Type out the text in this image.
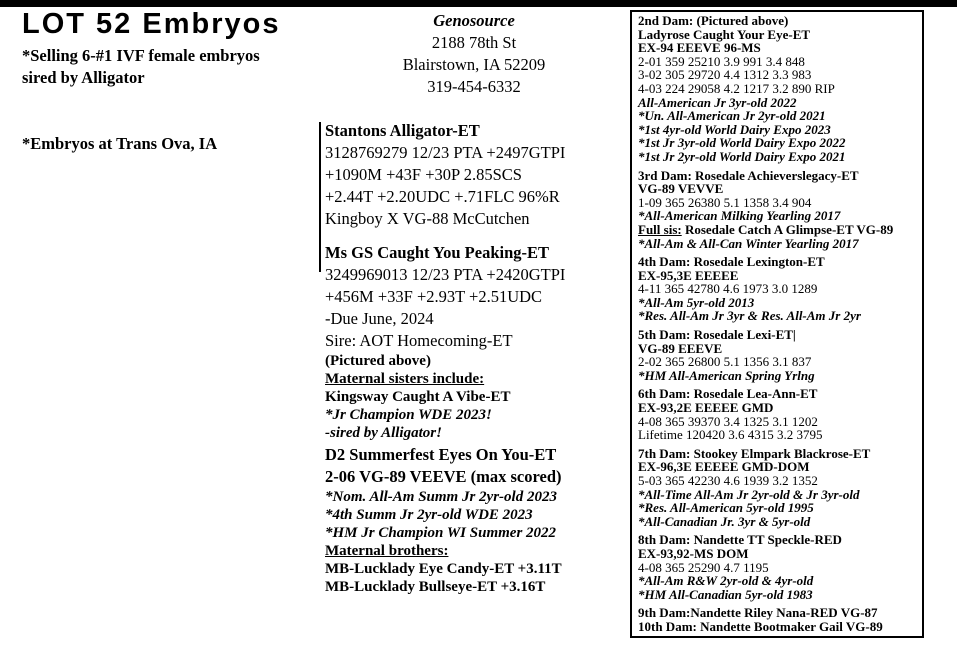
LOT 52 Embryos
*Selling 6-#1 IVF female embryos
sired by Alligator
*Embryos at Trans Ova, IA
Genosource
2188 78th St
Blairstown, IA 52209
319-454-6332
Stantons Alligator-ET
3128769279 12/23 PTA +2497GTPI
+1090M +43F +30P 2.85SCS
+2.44T +2.20UDC +.71FLC 96%R
Kingboy X VG-88 McCutchen
Ms GS Caught You Peaking-ET
3249969013 12/23 PTA +2420GTPI
+456M +33F +2.93T +2.51UDC
-Due June, 2024
Sire: AOT Homecoming-ET
(Pictured above)
Maternal sisters include:
Kingsway Caught A Vibe-ET
*Jr Champion WDE 2023!
-sired by Alligator!
D2 Summerfest Eyes On You-ET
2-06 VG-89 VEEVE (max scored)
*Nom. All-Am Summ Jr 2yr-old 2023
*4th Summ Jr 2yr-old WDE 2023
*HM Jr Champion WI Summer 2022
Maternal brothers:
MB-Lucklady Eye Candy-ET +3.11T
MB-Lucklady Bullseye-ET +3.16T
2nd Dam: (Pictured above)
Ladyrose Caught Your Eye-ET
EX-94 EEEVE 96-MS
2-01 359 25210 3.9 991 3.4 848
3-02 305 29720 4.4 1312 3.3 983
4-03 224 29058 4.2 1217 3.2 890 RIP
All-American Jr 3yr-old 2022
*Un. All-American Jr 2yr-old 2021
*1st 4yr-old World Dairy Expo 2023
*1st Jr 3yr-old World Dairy Expo 2022
*1st Jr 2yr-old World Dairy Expo 2021
3rd Dam: Rosedale Achieverslegacy-ET
VG-89 VEVVE
1-09 365 26380 5.1 1358 3.4 904
*All-American Milking Yearling 2017
Full sis: Rosedale Catch A Glimpse-ET VG-89
*All-Am & All-Can Winter Yearling 2017
4th Dam: Rosedale Lexington-ET
EX-95,3E EEEEE
4-11 365 42780 4.6 1973 3.0 1289
*All-Am 5yr-old 2013
*Res. All-Am Jr 3yr & Res. All-Am Jr 2yr
5th Dam: Rosedale Lexi-ET|
VG-89 EEEVE
2-02 365 26800 5.1 1356 3.1 837
*HM All-American Spring Yrlng
6th Dam: Rosedale Lea-Ann-ET
EX-93,2E EEEEE GMD
4-08 365 39370 3.4 1325 3.1 1202
Lifetime 120420 3.6 4315 3.2 3795
7th Dam: Stookey Elmpark Blackrose-ET
EX-96,3E EEEEE GMD-DOM
5-03 365 42230 4.6 1939 3.2 1352
*All-Time All-Am Jr 2yr-old & Jr 3yr-old
*Res. All-American 5yr-old 1995
*All-Canadian Jr. 3yr & 5yr-old
8th Dam: Nandette TT Speckle-RED
EX-93,92-MS DOM
4-08 365 25290 4.7 1195
*All-Am R&W 2yr-old & 4yr-old
*HM All-Canadian 5yr-old 1983
9th Dam:Nandette Riley Nana-RED VG-87
10th Dam: Nandette Bootmaker Gail VG-89
